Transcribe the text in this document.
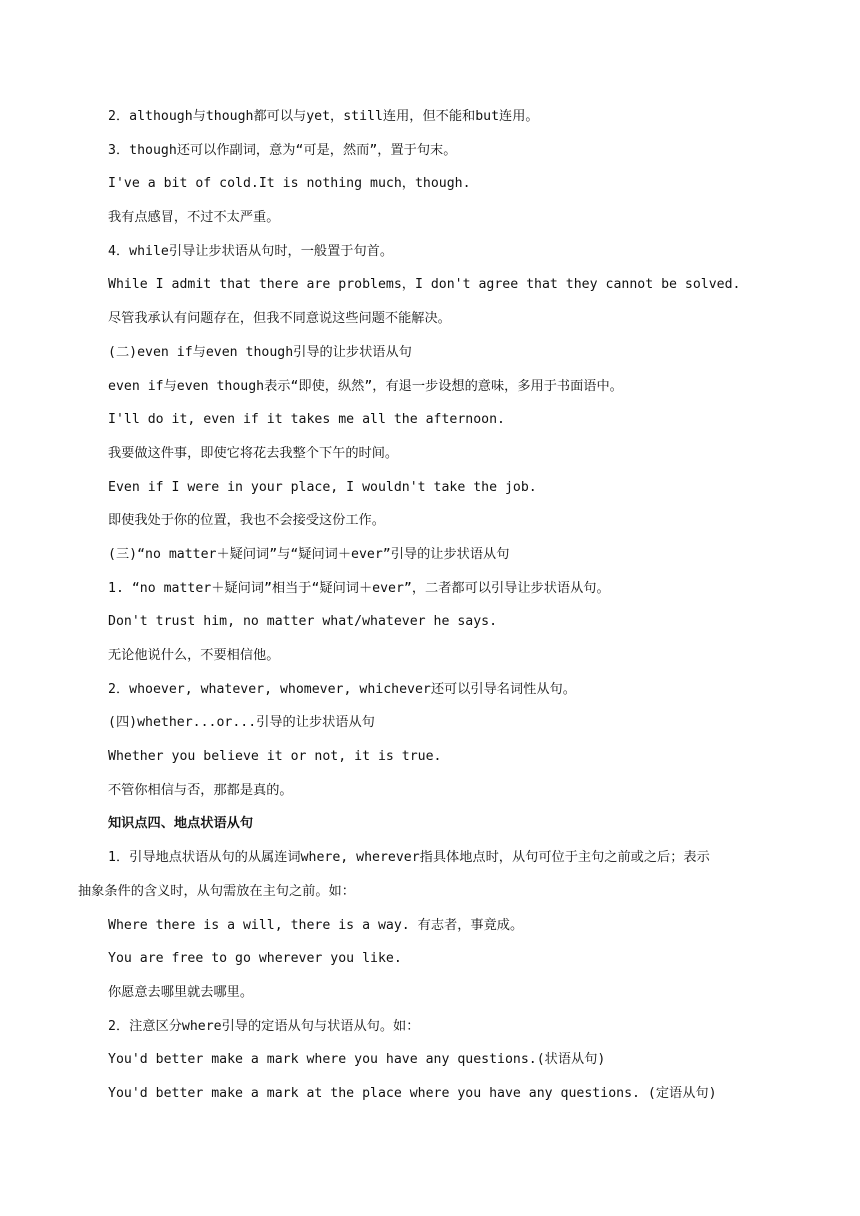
2．although与though都可以与yet，still连用，但不能和but连用。
3．though还可以作副词，意为“可是，然而”，置于句末。
I've a bit of cold.It is nothing much，though.
我有点感冒，不过不太严重。
4．while引导让步状语从句时，一般置于句首。
While I admit that there are problems，I don't agree that they cannot be solved.
尽管我承认有问题存在，但我不同意说这些问题不能解决。
(二)even if与even though引导的让步状语从句
even if与even though表示“即使，纵然”，有退一步设想的意味，多用于书面语中。
I'll do it, even if it takes me all the afternoon.
我要做这件事，即使它将花去我整个下午的时间。
Even if I were in your place, I wouldn't take the job.
即使我处于你的位置，我也不会接受这份工作。
(三)“no matter＋疑问词”与“疑问词＋ever”引导的让步状语从句
1. “no matter＋疑问词”相当于“疑问词＋ever”，二者都可以引导让步状语从句。
Don't trust him, no matter what/whatever he says.
无论他说什么，不要相信他。
2．whoever, whatever, whomever, whichever还可以引导名词性从句。
(四)whether...or...引导的让步状语从句
Whether you believe it or not, it is true.
不管你相信与否，那都是真的。
知识点四、地点状语从句
1．引导地点状语从句的从属连词where, wherever指具体地点时，从句可位于主句之前或之后；表示
抽象条件的含义时，从句需放在主句之前。如：
Where there is a will, there is a way. 有志者，事竟成。
You are free to go wherever you like.
你愿意去哪里就去哪里。
2．注意区分where引导的定语从句与状语从句。如：
You'd better make a mark where you have any questions.(状语从句)
You'd better make a mark at the place where you have any questions. (定语从句)
